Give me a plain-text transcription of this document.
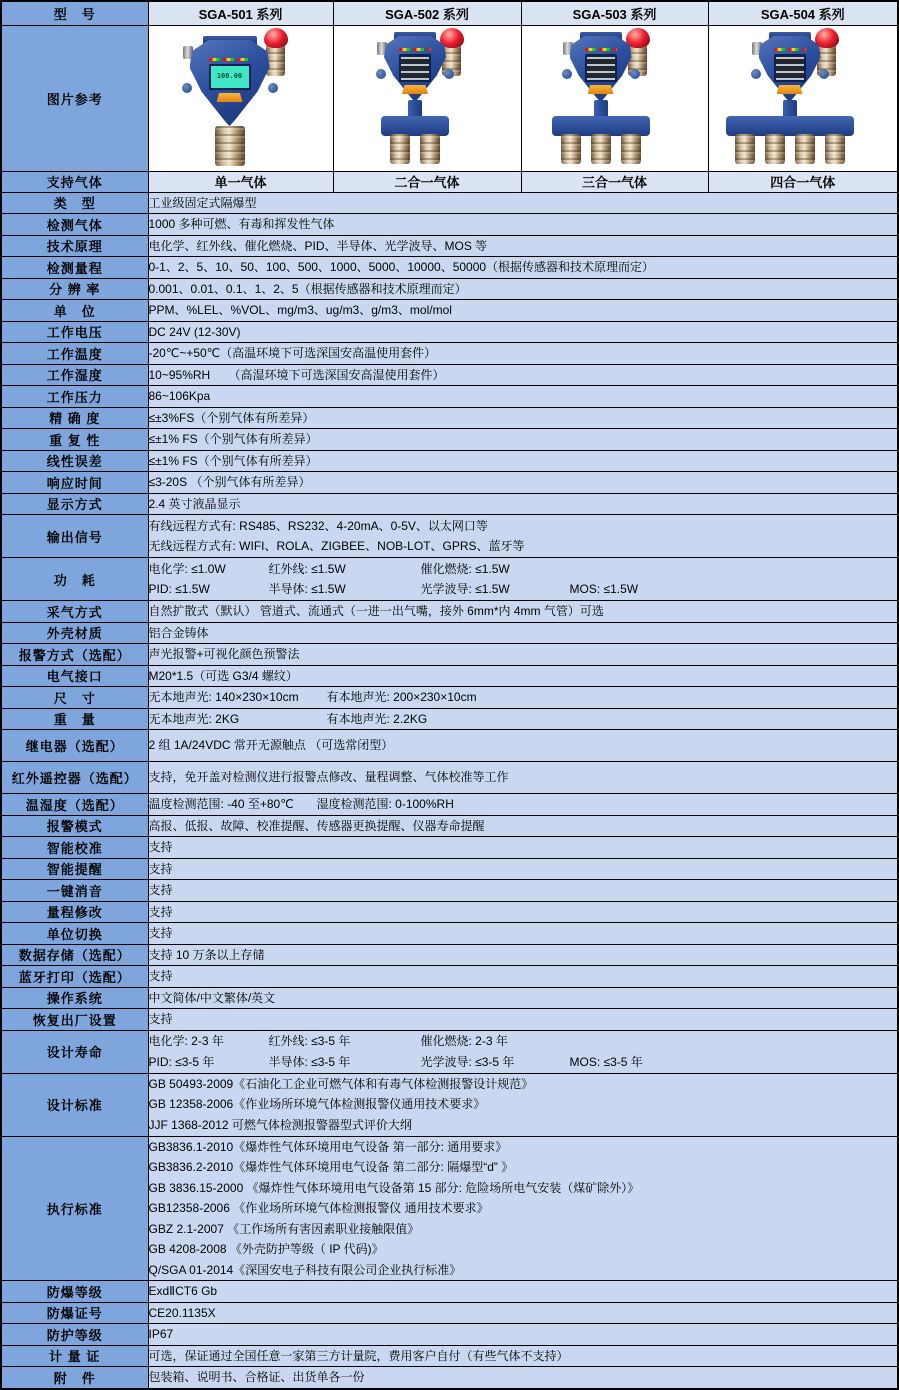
型　号	SGA-501 系列	SGA-502 系列	SGA-503 系列	SGA-504 系列
图片参考	100.00			

支持气体	单一气体	二合一气体	三合一气体	四合一气体
类　型	工业级固定式隔爆型			

检测气体	1000 多种可燃、有毒和挥发性气体			

技术原理	电化学、红外线、催化燃烧、PID、半导体、光学波导、MOS 等			

检测量程	0-1、2、5、10、50、100、500、1000、5000、10000、50000（根据传感器和技术原理而定）			

分 辨 率	0.001、0.01、0.1、1、2、5（根据传感器和技术原理而定）			

单　位	PPM、%LEL、%VOL、mg/m3、ug/m3、g/m3、mol/mol			

工作电压	DC 24V (12-30V)			

工作温度	-20℃~+50℃（高温环境下可选深国安高温使用套件）			

工作湿度	10~95%RH （高湿环境下可选深国安高湿使用套件）			

工作压力	86~106Kpa			

精 确 度	≤±3%FS（个别气体有所差异）			

重 复 性	≤±1% FS（个别气体有所差异）			

线性误差	≤±1% FS（个别气体有所差异）			

响应时间	≤3-20S （个别气体有所差异）			

显示方式	2.4 英寸液晶显示			

输出信号	有线远程方式有: RS485、RS232、4-20mA、0-5V、以太网口等
无线远程方式有: WIFI、ROLA、ZIGBEE、NOB-LOT、GPRS、蓝牙等			

功　耗	电化学: ≤1.0W 红外线: ≤1.5W 催化燃烧: ≤1.5W
PID: ≤1.5W 半导体: ≤1.5W 光学波导: ≤1.5W MOS: ≤1.5W			

采气方式	自然扩散式（默认） 管道式、流通式（一进一出气嘴，接外 6mm*内 4mm 气管）可选			

外壳材质	铝合金铸体			

报警方式（选配）	声光报警+可视化颜色预警法			

电气接口	M20*1.5（可选 G3/4 螺纹）			

尺　寸	无本地声光: 140×230×10cm 有本地声光: 200×230×10cm			

重　量	无本地声光: 2KG 有本地声光: 2.2KG			

继电器（选配）	2 组 1A/24VDC 常开无源触点 （可选常闭型）			

红外遥控器（选配）	支持，免开盖对检测仪进行报警点修改、量程调整、气体校准等工作			

温湿度（选配）	温度检测范围: -40 至+80℃ 湿度检测范围: 0-100%RH			

报警模式	高报、低报、故障、校准提醒、传感器更换提醒、仪器寿命提醒			

智能校准	支持			

智能提醒	支持			

一键消音	支持			

量程修改	支持			

单位切换	支持			

数据存储（选配）	支持 10 万条以上存储			

蓝牙打印（选配）	支持			

操作系统	中文简体/中文繁体/英文			

恢复出厂设置	支持			

设计寿命	电化学: 2-3 年 红外线: ≤3-5 年 催化燃烧: 2-3 年
PID: ≤3-5 年 半导体: ≤3-5 年 光学波导: ≤3-5 年 MOS: ≤3-5 年			

设计标准	GB 50493-2009《石油化工企业可燃气体和有毒气体检测报警设计规范》
GB 12358-2006《作业场所环境气体检测报警仪通用技术要求》
JJF 1368-2012 可燃气体检测报警器型式评价大纲			

执行标准	
GB3836.1-2010《爆炸性气体环境用电气设备 第一部分: 通用要求》
GB3836.2-2010《爆炸性气体环境用电气设备 第二部分: 隔爆型“d” 》
GB 3836.15-2000 《爆炸性气体环境用电气设备第 15 部分: 危险场所电气安装（煤矿除外）》
GB12358-2006 《作业场所环境气体检测报警仪 通用技术要求》
GBZ 2.1-2007 《工作场所有害因素职业接触限值》
GB 4208-2008 《外壳防护等级（ IP 代码)》
Q/SGA 01-2014《深国安电子科技有限公司企业执行标准》

防爆等级	ExdⅡCT6 Gb			

防爆证号	CE20.1135X			

防护等级	IP67			

计 量 证	可选，保证通过全国任意一家第三方计量院，费用客户自付（有些气体不支持）			

附　件	包装箱、说明书、合格证、出货单各一份			
